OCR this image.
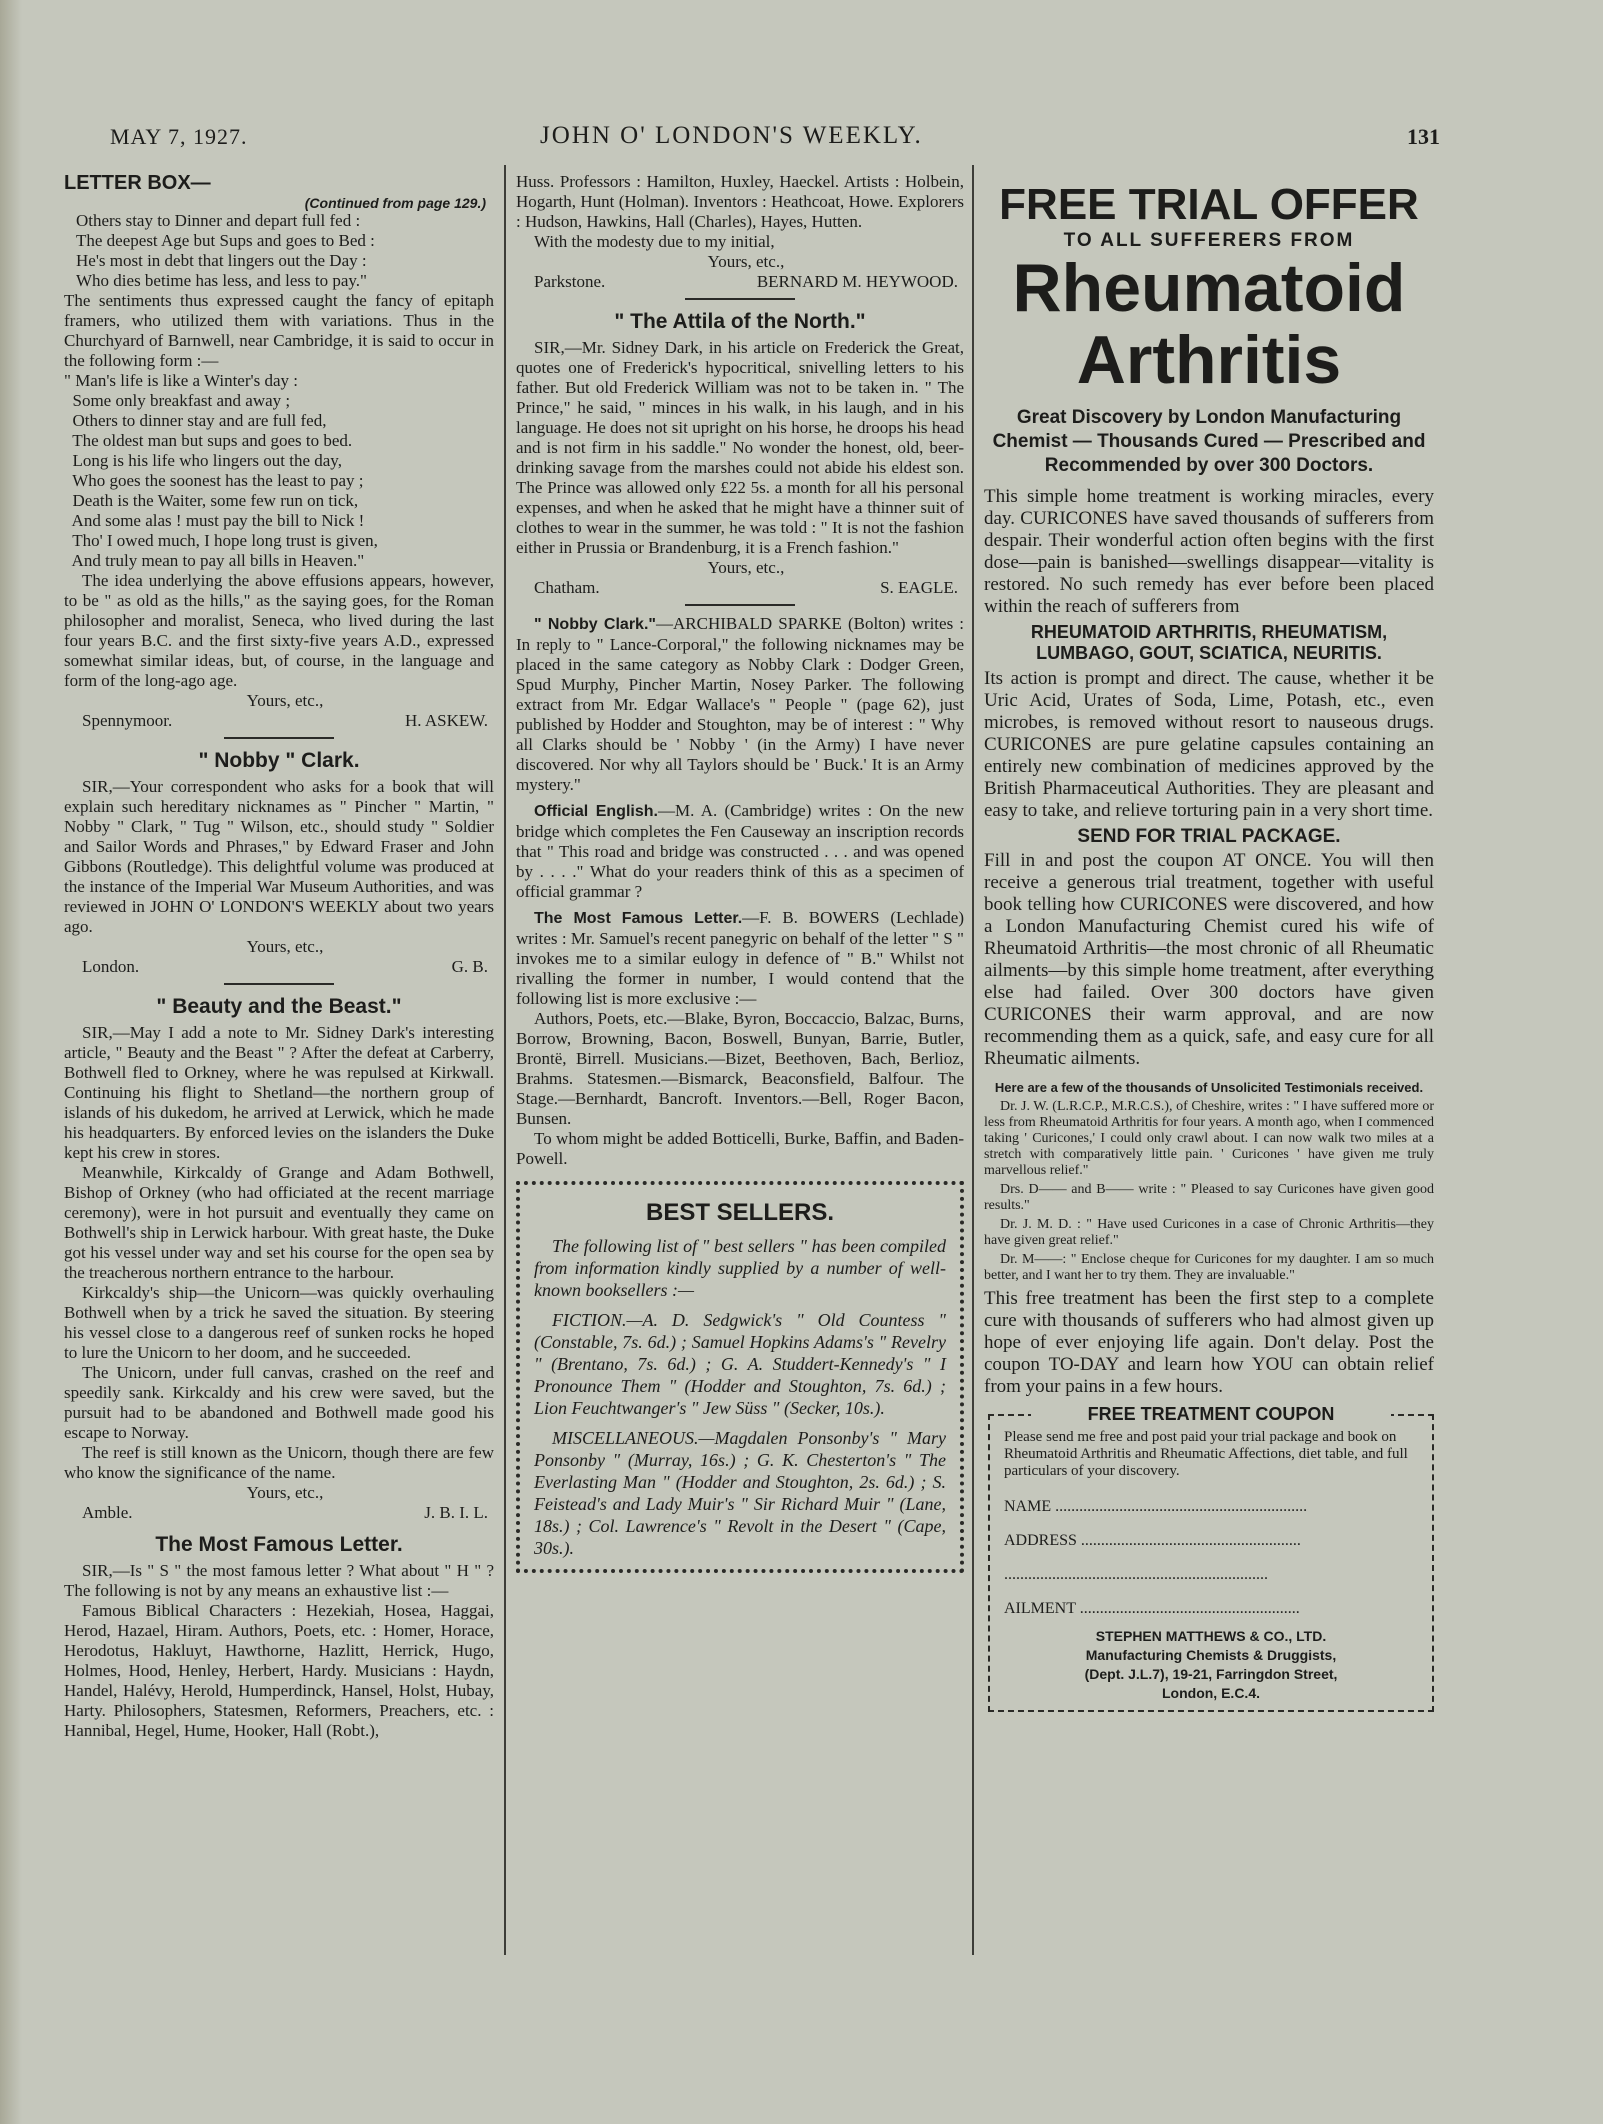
MAY 7, 1927.	JOHN O' LONDON'S WEEKLY.	131
LETTER BOX—
(Continued from page 129.)
Others stay to Dinner and depart full fed :
The deepest Age but Sups and goes to Bed :
He's most in debt that lingers out the Day :
Who dies betime has less, and less to pay."

The sentiments thus expressed caught the fancy of epitaph framers, who utilized them with variations. Thus in the Churchyard of Barnwell, near Cambridge, it is said to occur in the following form :—

" Man's life is like a Winter's day :
Some only breakfast and away ;
Others to dinner stay and are full fed,
The oldest man but sups and goes to bed.
Long is his life who lingers out the day,
Who goes the soonest has the least to pay ;
Death is the Waiter, some few run on tick,
And some alas ! must pay the bill to Nick !
Tho' I owed much, I hope long trust is given,
And truly mean to pay all bills in Heaven."

The idea underlying the above effusions appears, however, to be " as old as the hills," as the saying goes, for the Roman philosopher and moralist, Seneca, who lived during the last four years B.C. and the first sixty-five years A.D., expressed somewhat similar ideas, but, of course, in the language and form of the long-ago age.

Yours, etc.,
Spennymoor.	H. ASKEW.
" Nobby " Clark.

SIR,—Your correspondent who asks for a book that will explain such hereditary nicknames as " Pincher " Martin, " Nobby " Clark, " Tug " Wilson, etc., should study " Soldier and Sailor Words and Phrases," by Edward Fraser and John Gibbons (Routledge). This delightful volume was produced at the instance of the Imperial War Museum Authorities, and was reviewed in JOHN O' LONDON'S WEEKLY about two years ago.

Yours, etc.,
London.	G. B.
" Beauty and the Beast."

SIR,—May I add a note to Mr. Sidney Dark's interesting article, " Beauty and the Beast " ? After the defeat at Carberry, Bothwell fled to Orkney, where he was repulsed at Kirkwall. Continuing his flight to Shetland—the northern group of islands of his dukedom, he arrived at Lerwick, which he made his headquarters. By enforced levies on the islanders the Duke kept his crew in stores.

Meanwhile, Kirkcaldy of Grange and Adam Bothwell, Bishop of Orkney (who had officiated at the recent marriage ceremony), were in hot pursuit and eventually they came on Bothwell's ship in Lerwick harbour. With great haste, the Duke got his vessel under way and set his course for the open sea by the treacherous northern entrance to the harbour.

Kirkcaldy's ship—the Unicorn—was quickly overhauling Bothwell when by a trick he saved the situation. By steering his vessel close to a dangerous reef of sunken rocks he hoped to lure the Unicorn to her doom, and he succeeded.

The Unicorn, under full canvas, crashed on the reef and speedily sank. Kirkcaldy and his crew were saved, but the pursuit had to be abandoned and Bothwell made good his escape to Norway.

The reef is still known as the Unicorn, though there are few who know the significance of the name.

Yours, etc.,
Amble.	J. B. I. L.
The Most Famous Letter.

SIR,—Is " S " the most famous letter ? What about " H " ? The following is not by any means an exhaustive list :—

Famous Biblical Characters : Hezekiah, Hosea, Haggai, Herod, Hazael, Hiram. Authors, Poets, etc. : Homer, Horace, Herodotus, Hakluyt, Hawthorne, Hazlitt, Herrick, Hugo, Holmes, Hood, Henley, Herbert, Hardy. Musicians : Haydn, Handel, Halévy, Herold, Humperdinck, Hansel, Holst, Hubay, Harty. Philosophers, Statesmen, Reformers, Preachers, etc. : Hannibal, Hegel, Hume, Hooker, Hall (Robt.),

Huss. Professors : Hamilton, Huxley, Haeckel. Artists : Holbein, Hogarth, Hunt (Holman). Inventors : Heathcoat, Howe. Explorers : Hudson, Hawkins, Hall (Charles), Hayes, Hutten.

With the modesty due to my initial,

Yours, etc.,
Parkstone.	BERNARD M. HEYWOOD.
" The Attila of the North."

SIR,—Mr. Sidney Dark, in his article on Frederick the Great, quotes one of Frederick's hypocritical, snivelling letters to his father. But old Frederick William was not to be taken in. " The Prince," he said, " minces in his walk, in his laugh, and in his language. He does not sit upright on his horse, he droops his head and is not firm in his saddle." No wonder the honest, old, beer-drinking savage from the marshes could not abide his eldest son. The Prince was allowed only £22 5s. a month for all his personal expenses, and when he asked that he might have a thinner suit of clothes to wear in the summer, he was told : " It is not the fashion either in Prussia or Brandenburg, it is a French fashion."

Yours, etc.,
Chatham.	S. EAGLE.

" Nobby Clark."—ARCHIBALD SPARKE (Bolton) writes : In reply to " Lance-Corporal," the following nicknames may be placed in the same category as Nobby Clark : Dodger Green, Spud Murphy, Pincher Martin, Nosey Parker. The following extract from Mr. Edgar Wallace's " People " (page 62), just published by Hodder and Stoughton, may be of interest : " Why all Clarks should be ' Nobby ' (in the Army) I have never discovered. Nor why all Taylors should be ' Buck.' It is an Army mystery."

Official English.—M. A. (Cambridge) writes : On the new bridge which completes the Fen Causeway an inscription records that " This road and bridge was constructed . . . and was opened by . . . ." What do your readers think of this as a specimen of official grammar ?

The Most Famous Letter.—F. B. BOWERS (Lechlade) writes : Mr. Samuel's recent panegyric on behalf of the letter " S " invokes me to a similar eulogy in defence of " B." Whilst not rivalling the former in number, I would contend that the following list is more exclusive :—

Authors, Poets, etc.—Blake, Byron, Boccaccio, Balzac, Burns, Borrow, Browning, Bacon, Boswell, Bunyan, Barrie, Butler, Brontë, Birrell. Musicians.—Bizet, Beethoven, Bach, Berlioz, Brahms. Statesmen.—Bismarck, Beaconsfield, Balfour. The Stage.—Bernhardt, Bancroft. Inventors.—Bell, Roger Bacon, Bunsen.

To whom might be added Botticelli, Burke, Baffin, and Baden-Powell.

BEST SELLERS.

The following list of " best sellers " has been compiled from information kindly supplied by a number of well-known booksellers :—

FICTION.—A. D. Sedgwick's " Old Countess " (Constable, 7s. 6d.) ; Samuel Hopkins Adams's " Revelry " (Brentano, 7s. 6d.) ; G. A. Studdert-Kennedy's " I Pronounce Them " (Hodder and Stoughton, 7s. 6d.) ; Lion Feuchtwanger's " Jew Süss " (Secker, 10s.).

MISCELLANEOUS.—Magdalen Ponsonby's " Mary Ponsonby " (Murray, 16s.) ; G. K. Chesterton's " The Everlasting Man " (Hodder and Stoughton, 2s. 6d.) ; S. Feistead's and Lady Muir's " Sir Richard Muir " (Lane, 18s.) ; Col. Lawrence's " Revolt in the Desert " (Cape, 30s.).

FREE TRIAL OFFER

TO ALL SUFFERERS FROM

Rheumatoid

Arthritis

Great Discovery by London Manufacturing Chemist — Thousands Cured — Prescribed and Recommended by over 300 Doctors.

This simple home treatment is working miracles, every day. CURICONES have saved thousands of sufferers from despair. Their wonderful action often begins with the first dose—pain is banished—swellings disappear—vitality is restored. No such remedy has ever before been placed within the reach of sufferers from

RHEUMATOID ARTHRITIS, RHEUMATISM, LUMBAGO, GOUT, SCIATICA, NEURITIS.

Its action is prompt and direct. The cause, whether it be Uric Acid, Urates of Soda, Lime, Potash, etc., even microbes, is removed without resort to nauseous drugs. CURICONES are pure gelatine capsules containing an entirely new combination of medicines approved by the British Pharmaceutical Authorities. They are pleasant and easy to take, and relieve torturing pain in a very short time.

SEND FOR TRIAL PACKAGE.

Fill in and post the coupon AT ONCE. You will then receive a generous trial treatment, together with useful book telling how CURICONES were discovered, and how a London Manufacturing Chemist cured his wife of Rheumatoid Arthritis—the most chronic of all Rheumatic ailments—by this simple home treatment, after everything else had failed. Over 300 doctors have given CURICONES their warm approval, and are now recommending them as a quick, safe, and easy cure for all Rheumatic ailments.

Here are a few of the thousands of Unsolicited Testimonials received.

Dr. J. W. (L.R.C.P., M.R.C.S.), of Cheshire, writes : " I have suffered more or less from Rheumatoid Arthritis for four years. A month ago, when I commenced taking ' Curicones,' I could only crawl about. I can now walk two miles at a stretch with comparatively little pain. ' Curicones ' have given me truly marvellous relief."

Drs. D—— and B—— write : " Pleased to say Curicones have given good results."

Dr. J. M. D. : " Have used Curicones in a case of Chronic Arthritis—they have given great relief."

Dr. M——: " Enclose cheque for Curicones for my daughter. I am so much better, and I want her to try them. They are invaluable."

This free treatment has been the first step to a complete cure with thousands of sufferers who had almost given up hope of ever enjoying life again. Don't delay. Post the coupon TO-DAY and learn how YOU can obtain relief from your pains in a few hours.

FREE TREATMENT COUPON

Please send me free and post paid your trial package and book on Rheumatoid Arthritis and Rheumatic Affections, diet table, and full particulars of your discovery.

NAME ...............................................................
ADDRESS .......................................................
..................................................................
AILMENT .......................................................
STEPHEN MATTHEWS & CO., LTD.
Manufacturing Chemists & Druggists,
(Dept. J.L.7), 19-21, Farringdon Street,
London, E.C.4.
